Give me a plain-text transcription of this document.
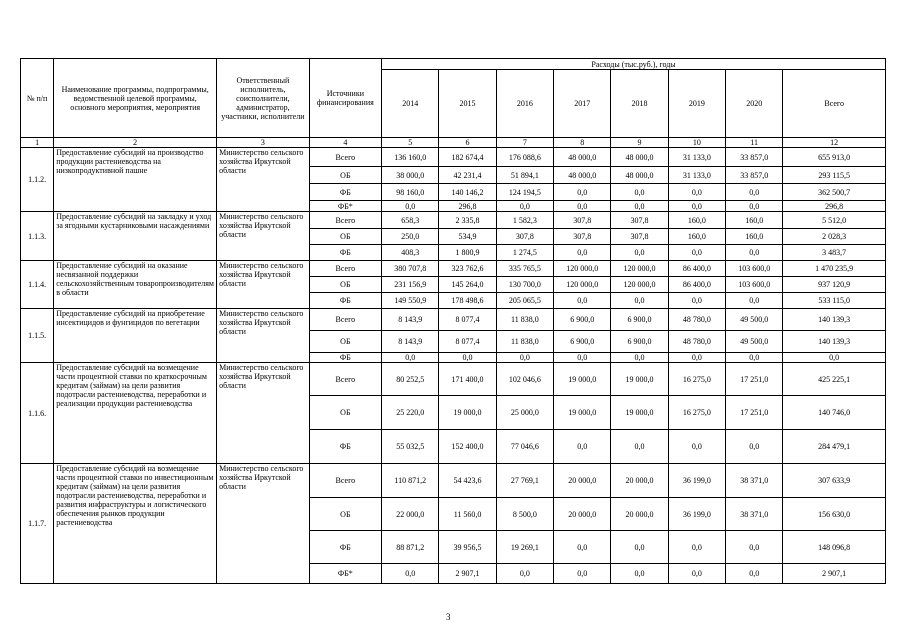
№ п/п	Наименование программы, подпрограммы, ведомственной целевой программы, основного мероприятия, мероприятия	Ответственный исполнитель, соисполнители, администратор, участники, исполнители	Источники финансирования	Расходы (тыс.руб.), годы							
				2014	2015	2016	2017	2018	2019	2020	Всего
1	2	3	4	5	6	7	8	9	10	11	12
1.1.2.	Предоставление субсидий на производство продукции растениеводства на низкопродуктивной пашне	Министерство сельского хозяйства Иркутской области	Всего	136 160,0	182 674,4	176 088,6	48 000,0	48 000,0	31 133,0	33 857,0	655 913,0
			ОБ	38 000,0	42 231,4	51 894,1	48 000,0	48 000,0	31 133,0	33 857,0	293 115,5
			ФБ	98 160,0	140 146,2	124 194,5	0,0	0,0	0,0	0,0	362 500,7
			ФБ*	0,0	296,8	0,0	0,0	0,0	0,0	0,0	296,8
1.1.3.	Предоставление субсидий на закладку и уход за ягодными кустарниковыми насаждениями	Министерство сельского хозяйства Иркутской области	Всего	658,3	2 335,8	1 582,3	307,8	307,8	160,0	160,0	5 512,0
			ОБ	250,0	534,9	307,8	307,8	307,8	160,0	160,0	2 028,3
			ФБ	408,3	1 800,9	1 274,5	0,0	0,0	0,0	0,0	3 483,7
1.1.4.	Предоставление субсидий на оказание несвязанной поддержки сельскохозяйственным товаропроизводителям в области	Министерство сельского хозяйства Иркутской области	Всего	380 707,8	323 762,6	335 765,5	120 000,0	120 000,0	86 400,0	103 600,0	1 470 235,9
			ОБ	231 156,9	145 264,0	130 700,0	120 000,0	120 000,0	86 400,0	103 600,0	937 120,9
			ФБ	149 550,9	178 498,6	205 065,5	0,0	0,0	0,0	0,0	533 115,0
1.1.5.	Предоставление субсидий на приобретение инсектицидов и фунгицидов по вегетации	Министерство сельского хозяйства Иркутской области	Всего	8 143,9	8 077,4	11 838,0	6 900,0	6 900,0	48 780,0	49 500,0	140 139,3
			ОБ	8 143,9	8 077,4	11 838,0	6 900,0	6 900,0	48 780,0	49 500,0	140 139,3
			ФБ	0,0	0,0	0,0	0,0	0,0	0,0	0,0	0,0
1.1.6.	Предоставление субсидий на возмещение части процентной ставки по краткосрочным кредитам (займам) на цели развития подотрасли растениеводства, переработки и реализации продукции растениеводства	Министерство сельского хозяйства Иркутской области	Всего	80 252,5	171 400,0	102 046,6	19 000,0	19 000,0	16 275,0	17 251,0	425 225,1
			ОБ	25 220,0	19 000,0	25 000,0	19 000,0	19 000,0	16 275,0	17 251,0	140 746,0
			ФБ	55 032,5	152 400,0	77 046,6	0,0	0,0	0,0	0,0	284 479,1
1.1.7.	Предоставление субсидий на возмещение части процентной ставки по инвестиционным кредитам (займам) на цели развития подотрасли растениеводства, переработки и развития инфраструктуры и логистического обеспечения рынков продукции растениеводства	Министерство сельского хозяйства Иркутской области	Всего	110 871,2	54 423,6	27 769,1	20 000,0	20 000,0	36 199,0	38 371,0	307 633,9
			ОБ	22 000,0	11 560,0	8 500,0	20 000,0	20 000,0	36 199,0	38 371,0	156 630,0
			ФБ	88 871,2	39 956,5	19 269,1	0,0	0,0	0,0	0,0	148 096,8
			ФБ*	0,0	2 907,1	0,0	0,0	0,0	0,0	0,0	2 907,1
3
